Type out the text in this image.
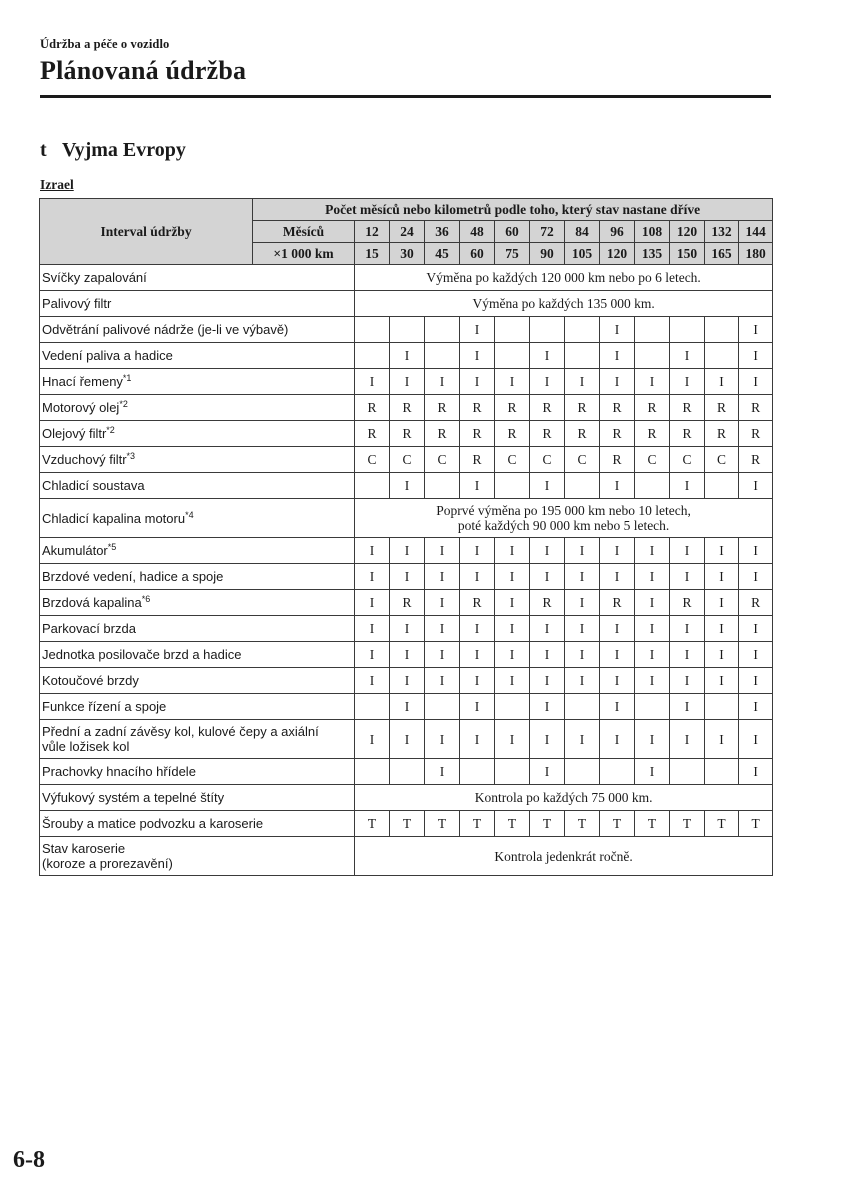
Údržba a péče o vozidlo
Plánovaná údržba
t Vyjma Evropy
Izrael
Interval údržby	Počet měsíců nebo kilometrů podle toho, který stav nastane dříve												
	Měsíců	12	24	36	48	60	72	84	96	108	120	132	144
	×1 000 km	15	30	45	60	75	90	105	120	135	150	165	180
Svíčky zapalování		Výměna po každých 120 000 km nebo po 6 letech.											
Palivový filtr		Výměna po každých 135 000 km.											
Odvětrání palivové nádrže (je-li ve výbavě)					I				I				I
Vedení paliva a hadice			I		I		I		I		I		I
Hnací řemeny$^{*1}$		I	I	I	I	I	I	I	I	I	I	I	I
Motorový olej$^{*2}$		R	R	R	R	R	R	R	R	R	R	R	R
Olejový filtr$^{*2}$		R	R	R	R	R	R	R	R	R	R	R	R
Vzduchový filtr$^{*3}$		C	C	C	R	C	C	C	R	C	C	C	R
Chladicí soustava			I		I		I		I		I		I
Chladicí kapalina motoru$^{*4}$		Poprvé výměna po 195 000 km nebo 10 letech,
poté každých 90 000 km nebo 5 letech.											
Akumulátor$^{*5}$		I	I	I	I	I	I	I	I	I	I	I	I
Brzdové vedení, hadice a spoje		I	I	I	I	I	I	I	I	I	I	I	I
Brzdová kapalina$^{*6}$		I	R	I	R	I	R	I	R	I	R	I	R
Parkovací brzda		I	I	I	I	I	I	I	I	I	I	I	I
Jednotka posilovače brzd a hadice		I	I	I	I	I	I	I	I	I	I	I	I
Kotoučové brzdy		I	I	I	I	I	I	I	I	I	I	I	I
Funkce řízení a spoje			I		I		I		I		I		I
Přední a zadní závěsy kol, kulové čepy a axiální
vůle ložisek kol		I	I	I	I	I	I	I	I	I	I	I	I
Prachovky hnacího hřídele				I			I			I			I
Výfukový systém a tepelné štíty		Kontrola po každých 75 000 km.											
Šrouby a matice podvozku a karoserie		T	T	T	T	T	T	T	T	T	T	T	T
Stav karoserie
(koroze a prorezavění)		Kontrola jedenkrát ročně.											
6-8
